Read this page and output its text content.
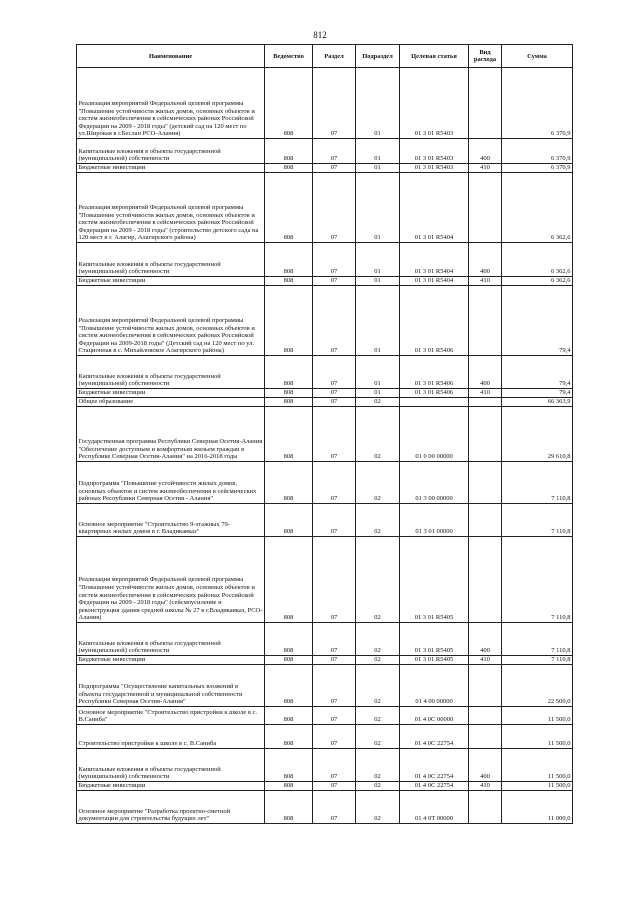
812
Наименование	Ведомство	Раздел	Подраздел	Целевая статья	Вид расхода	Сумма
Реализация мероприятий Федеральной целевой программы "Повышение устойчивости жилых домов, основных объектов и систем жизнеобеспечения в сейсмических районах Российской Федерации на 2009 - 2018 годы" (детский сад на 120 мест по ул.Широкая в г.Беслан РСО-Алания)	808	07	01	01 3 01 R5403		6 370,9
Капитальные вложения в объекты государственной (муниципальной) собственности	808	07	01	01 3 01 R5403	400	6 370,9
Бюджетные инвестиции	808	07	01	01 3 01 R5403	410	6 370,9
Реализация мероприятий Федеральной целевой программы "Повышение устойчивости жилых домов, основных объектов и систем жизнеобеспечения в сейсмических районах Российской Федерации на 2009 - 2018 годы" (строительство детского сада на 120 мест в г. Алагир, Алагирского района)	808	07	01	01 3 01 R5404		6 362,6
Капитальные вложения в объекты государственной (муниципальной) собственности	808	07	01	01 3 01 R5404	400	6 362,6
Бюджетные инвестиции	808	07	01	01 3 01 R5404	410	6 362,6
Реализация мероприятий Федеральной целевой программы "Повышение устойчивости жилых домов, основных объектов и систем жизнеобеспечения в сейсмических районах Российской Федерации на 2009-2018 годы" (Детский сад на 120 мест по ул. Стационная в с. Михайловское Алагирского района)	808	07	01	01 3 01 R5406		79,4
Капитальные вложения в объекты государственной (муниципальной) собственности	808	07	01	01 3 01 R5406	400	79,4
Бюджетные инвестиции	808	07	01	01 3 01 R5406	410	79,4
Общее образование	808	07	02			66 363,9
Государственная программа Республики Северная Осетия-Алания "Обеспечение доступным и комфортным жильем граждан в Республике Северная Осетия-Алания" на 2016-2018 годы	808	07	02	01 0 00 00000		29 610,8
Подпрограмма "Повышение устойчивости жилых домов, основных объектов и систем жизнеобеспечения в сейсмических районах Республики Северная Осетия - Алания"	808	07	02	01 3 00 00000		7 110,8
Основное мероприятие "Строительство 9-этажных 79-квартирных жилых домов в г. Владикавказ"	808	07	02	01 3 01 00000		7 110,8
Реализация мероприятий Федеральной целевой программы "Повышение устойчивости жилых домов, основных объектов и систем жизнеобеспечения в сейсмических районах Российской Федерации на 2009 - 2018 годы" (сейсмоусиление и реконструкция здания средней школы № 27 в г.Владикавказ, РСО-Алания)	808	07	02	01 3 01 R5405		7 110,8
Капитальные вложения в объекты государственной (муниципальной) собственности	808	07	02	01 3 01 R5405	400	7 110,8
Бюджетные инвестиции	808	07	02	01 3 01 R5405	410	7 110,8
Подпрограмма "Осуществление капитальных вложений в объекты государственной и муниципальной собственности Республики Северная Осетия-Алания"	808	07	02	01 4 00 00000		22 500,0
Основное мероприятие "Строительство пристройки к школе в с. В.Саниба"	808	07	02	01 4 0С 00000		11 500,0
Строительство пристройки к школе в с. В.Саниба	808	07	02	01 4 0С 22754		11 500,0
Капитальные вложения в объекты государственной (муниципальной) собственности	808	07	02	01 4 0С 22754	400	11 500,0
Бюджетные инвестиции	808	07	02	01 4 0С 22754	410	11 500,0
Основное мероприятие "Разработка проектно-сметной документации для строительства будущих лет"	808	07	02	01 4 0Т 00000		11 000,0
